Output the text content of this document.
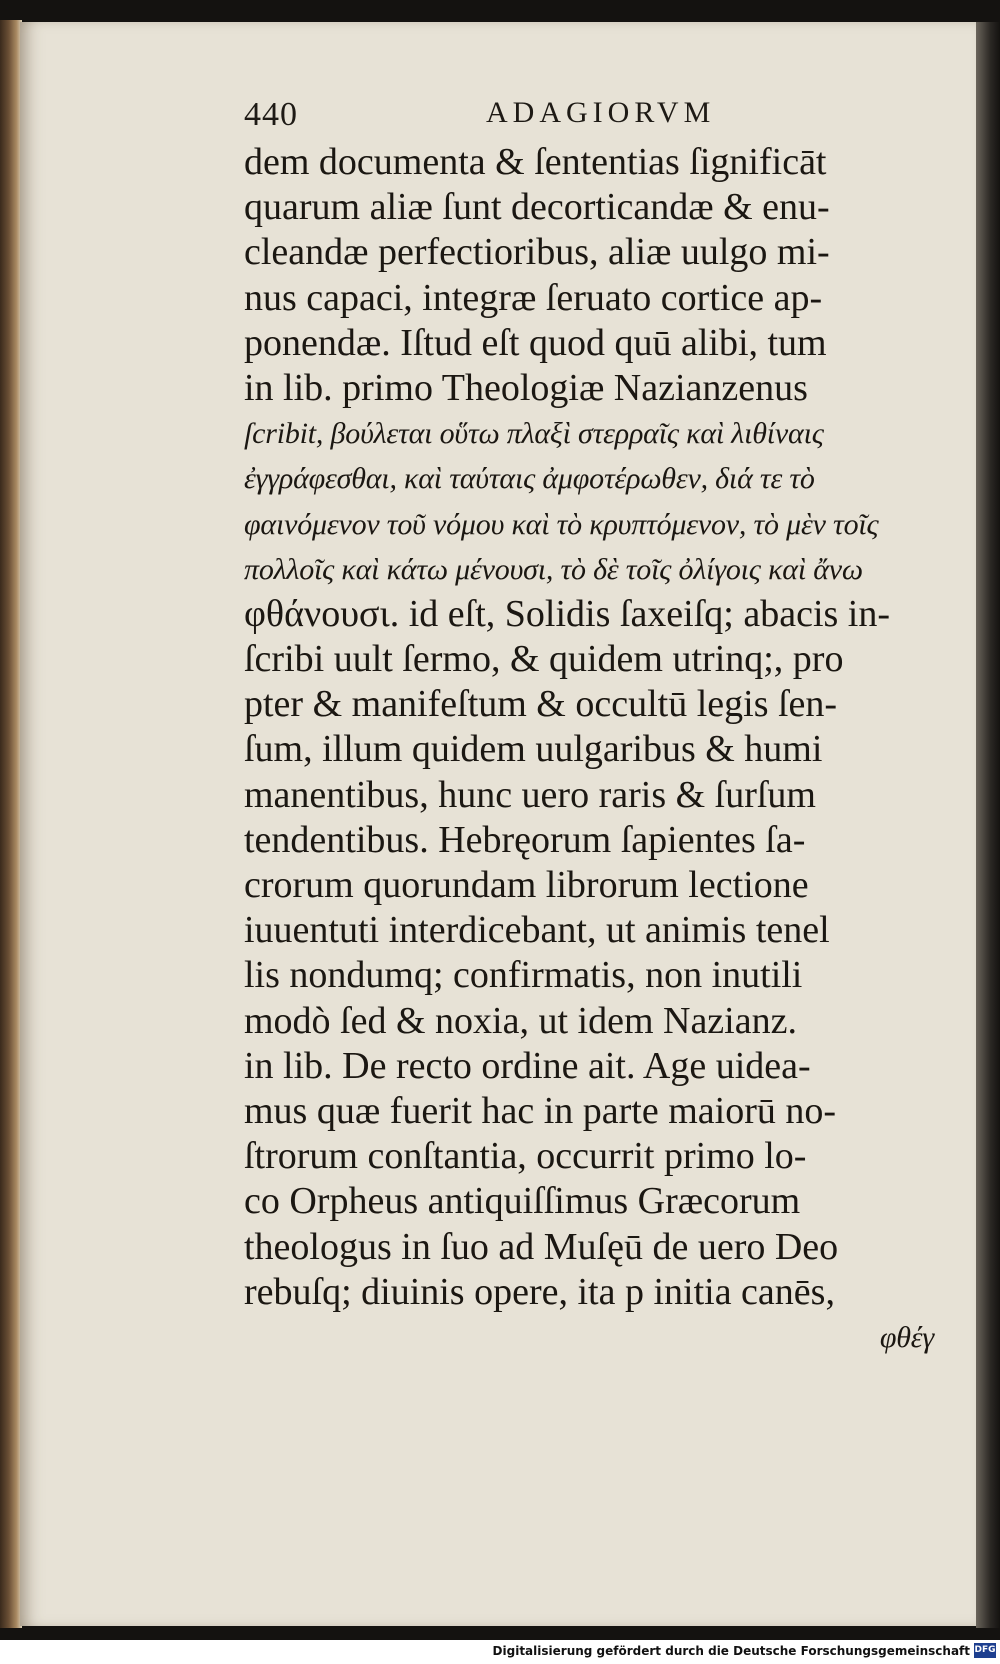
440	ADAGIORVM
dem documenta & ſententias ſignificāt
quarum aliæ ſunt decorticandæ & enu-
cleandæ perfectioribus, aliæ uulgo mi-
nus capaci, integræ ſeruato cortice ap-
ponendæ. Iſtud eſt quod quū alibi, tum
in lib. primo Theologiæ Nazianzenus
ſcribit, βούλεται οὕτω πλαξὶ στερραῖς καὶ λιθίναις
ἐγγράφεσθαι, καὶ ταύταις ἀμφοτέρωθεν, διά τε τὸ
φαινόμενον τοῦ νόμου καὶ τὸ κρυπτόμενον, τὸ μὲν τοῖς
πολλοῖς καὶ κάτω μένουσι, τὸ δὲ τοῖς ὀλίγοις καὶ ἄνω
φθάνουσι. id eſt, Solidis ſaxeiſq; abacis in-
ſcribi uult ſermo, & quidem utrinq;, pro
pter & manifeſtum & occultū legis ſen-
ſum, illum quidem uulgaribus & humi
manentibus, hunc uero raris & ſurſum
tendentibus. Hebręorum ſapientes ſa-
crorum quorundam librorum lectione
iuuentuti interdicebant, ut animis tenel
lis nondumq; confirmatis, non inutili
modò ſed & noxia, ut idem Nazianz.
in lib. De recto ordine ait. Age uidea-
mus quæ fuerit hac in parte maiorū no-
ſtrorum conſtantia, occurrit primo lo-
co Orpheus antiquiſſimus Græcorum
theologus in ſuo ad Muſęū de uero Deo
rebuſq; diuinis opere, ita p initia canēs,
φθέγ
Digitalisierung gefördert durch die Deutsche Forschungsgemeinschaft DFG
